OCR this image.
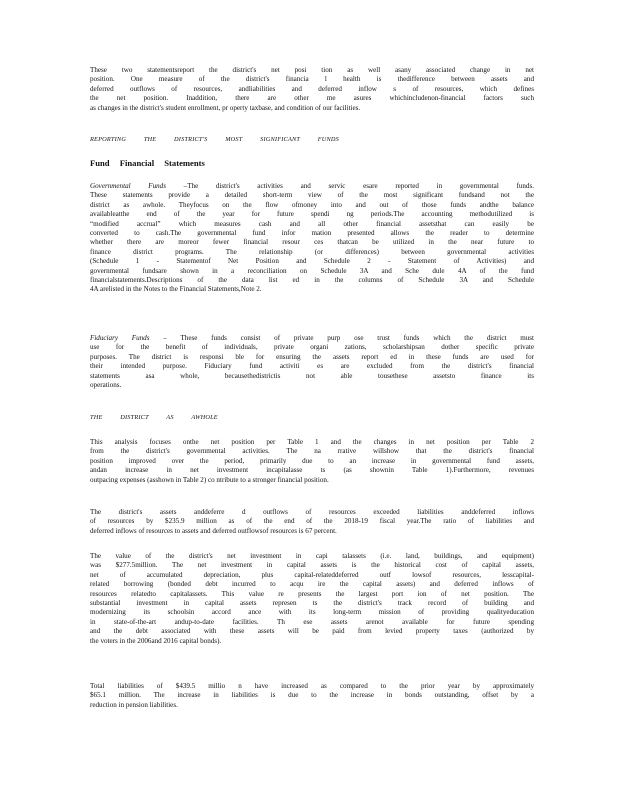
These two statementsreport the district's net posi tion as well asany associated change in net

position. One measure of the district's financia l health is thedifference between assets and

deferred outflows of resources, andliabilities and deferred inflow s of resources, which defines

the net position. Inaddition, there are other me asures whichincludenon-financial factors such

as changes in the district's student enrollment, pr operty taxbase, and condition of our facilities.

REPORTING          THE          DISTRICT'S          MOST          SIGNIFICANT          FUNDS
Fund Financial Statements

Governmental Funds –The district's activities and servic esare reported in governmental funds.

These statements provide a detailed short-term view of the most significant fundsand not the

district as awhole. Theyfocus on the flow ofmoney into and out of those funds andthe balance

availableatthe end of the year for future spendi ng periods.The accounting methodutilized is

“modified accrual” which measures cash and all other financial assetsthat can easily be

converted to cash.The governmental fund infor mation presented allows the reader to determine

whether there are moreor fewer financial resour ces thatcan be utilized in the near future to

finance district programs. The relationship (or differences) between governmental activities

(Schedule 1 - Statementof Net Position and Schedule 2 - Statement of Activities) and

governmental fundsare shown in a reconciliation on Schedule 3A and Sche dule 4A of the fund

financialstatements.Descriptions of the data list ed in the columns of Schedule 3A and Schedule

4A arelisted in the Notes to the Financial Statements,Note 2.

Fiduciary Funds – These funds consist of private purp ose trust funds which the district must

use for the benefit of individuals, private organi zations, scholarshipsan dother specific private

purposes. The district is responsi ble for ensuring the assets report ed in these funds are used for

their intended purpose. Fiduciary fund activiti es are excluded from the district's financial

statements asa whole, becausethedistrictis not able tousethese assetsto finance its

operations.

THE          DISTRICT          AS          AWHOLE

This analysis focuses onthe net position per Table 1 and the changes in net position per Table 2

from the district's governmental activities. The na rrative willshow that the district's financial

position improved over the period, primarily due to an increase in governmental fund assets,

andan increase in net investment incapitalasse ts (as shownin Table 1).Furthermore, revenues

outpacing expenses (asshown in Table 2) co ntribute to a stronger financial position.

The district's assets anddeferre d outflows of resources exceeded liabilities anddeferred inflows

of resources by $235.9 million as of the end of the 2018-19 fiscal year.The ratio of liabilities and

deferred inflows of resources to assets and deferred outflowsof resources is 67 percent.

The value of the district's net investment in capi talassets (i.e. land, buildings, and equipment)

was $277.5million. The net investment in capital assets is the historical cost of capital assets,

net of accumulated depreciation, plus capital-relateddeferred outf lowsof resources, lesscapital-

related borrowing (bonded debt incurred to acqu ire the capital assets) and deferred inflows of

resources relatedto capitalassets. This value re presents the largest port ion of net position. The

substantial investment in capital assets represen ts the district's track record of building and

modernizing its schoolsin accord ance with its long-term mission of providing qualityeducation

in state-of-the-art andup-to-date facilities. Th ese assets arenot available for future spending

and the debt associated with these assets will be paid from levied property taxes (authorized by

the voters in the 2006and 2016 capital bonds).

Total liabilities of $439.5 millio n have increased as compared to the prior year by approximately

$65.1 million. The increase in liabilities is due to the increase in bonds outstanding, offset by a

reduction in pension liabilities.
